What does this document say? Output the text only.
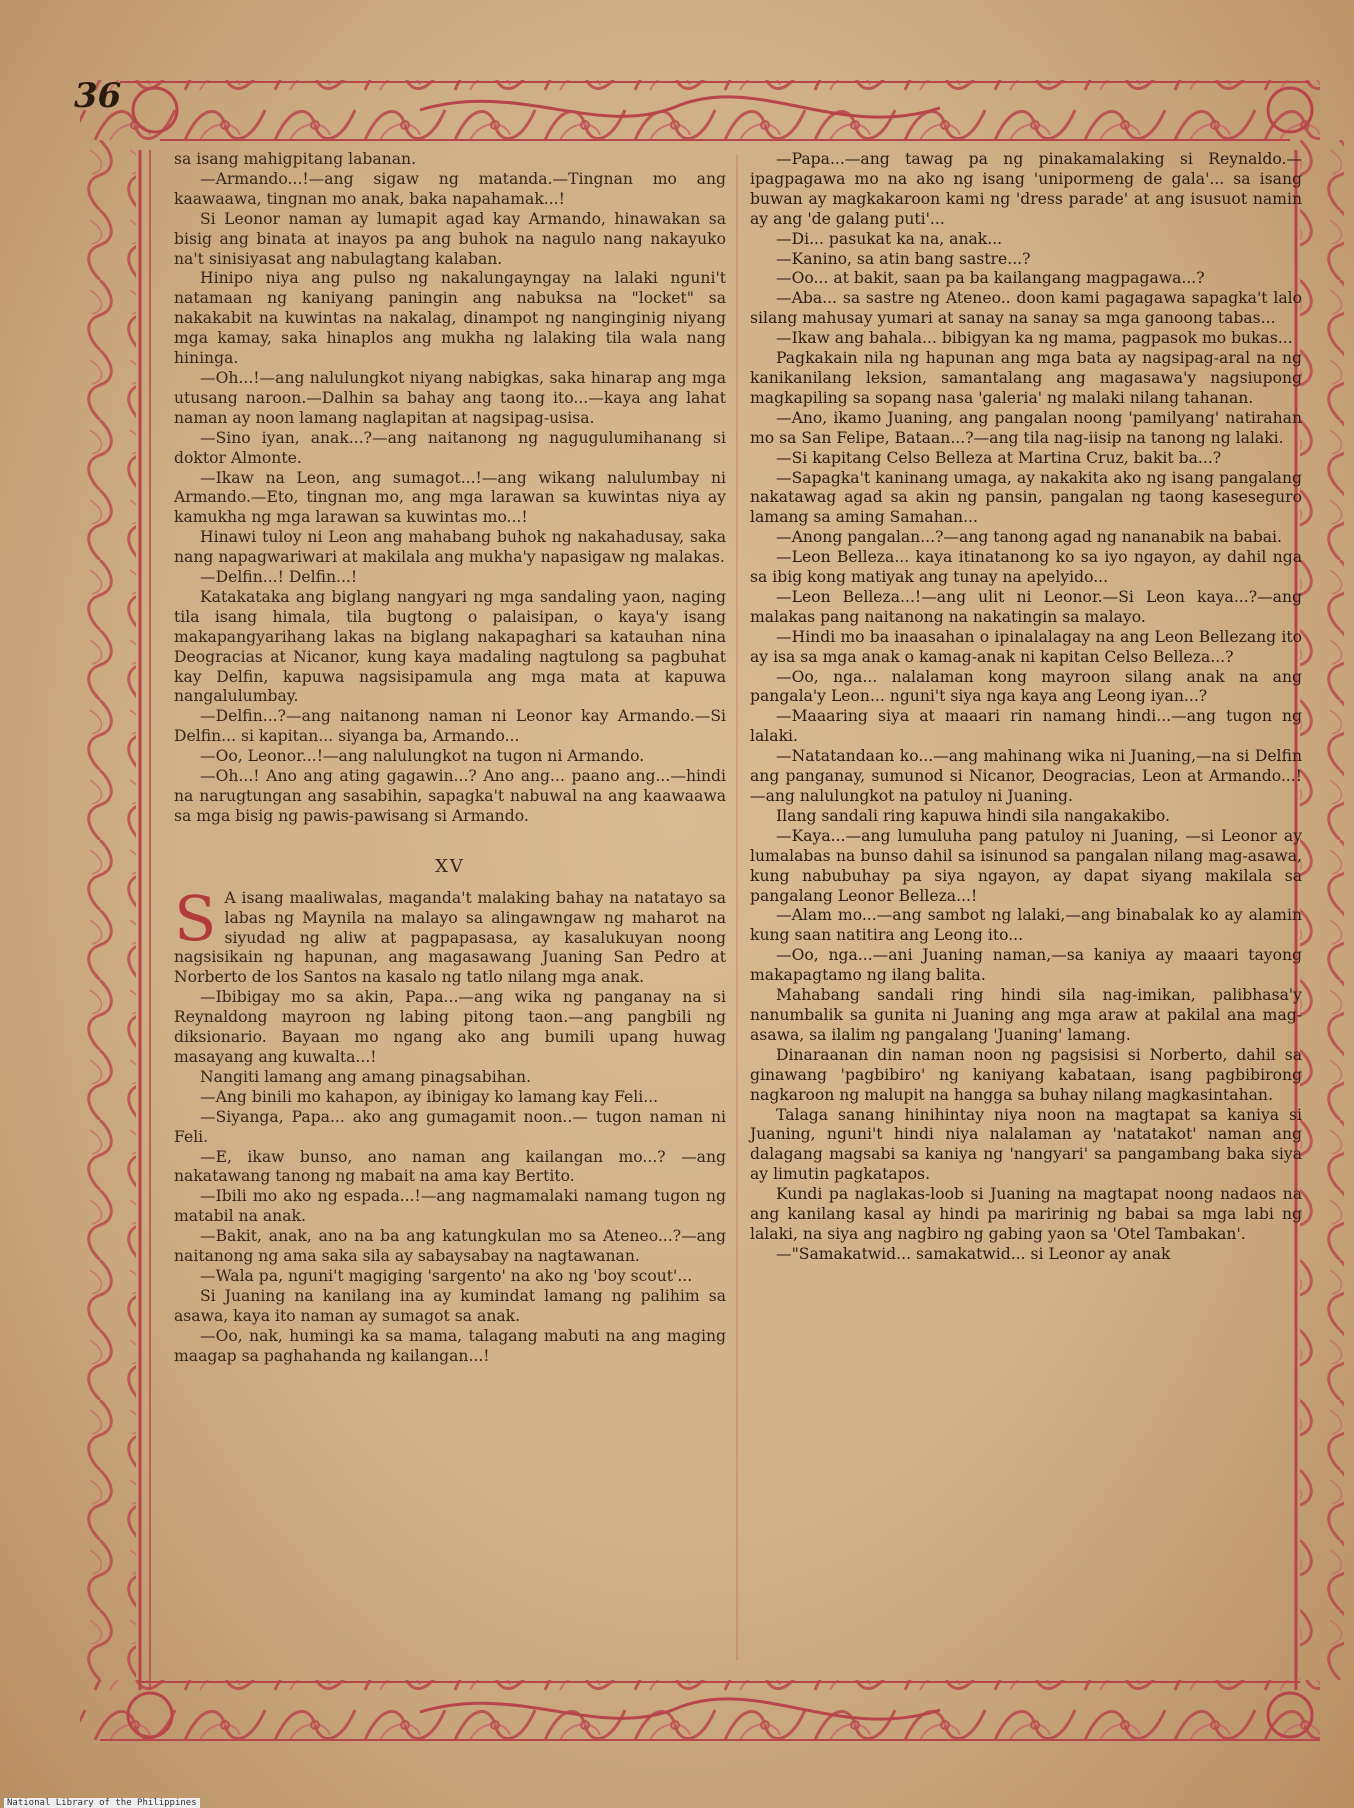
36

sa isang mahigpitang labanan.

—Armando...!—ang sigaw ng matanda.—Tingnan mo ang kaawaawa, tingnan mo anak, baka napahamak...!

Si Leonor naman ay lumapit agad kay Armando, hinawakan sa bisig ang binata at inayos pa ang buhok na nagulo nang nakayuko na't sinisiyasat ang nabulagtang kalaban.

Hinipo niya ang pulso ng nakalungayngay na lalaki nguni't natamaan ng kaniyang paningin ang nabuksa na "locket" sa nakakabit na kuwintas na nakalag, dinampot ng nanginginig niyang mga kamay, saka hinaplos ang mukha ng lalaking tila wala nang hininga.

—Oh...!—ang nalulungkot niyang nabigkas, saka hinarap ang mga utusang naroon.—Dalhin sa bahay ang taong ito...—kaya ang lahat naman ay noon lamang naglapitan at nagsipag-usisa.

—Sino iyan, anak...?—ang naitanong ng nagugulumihanang si doktor Almonte.

—Ikaw na Leon, ang sumagot...!—ang wikang nalulumbay ni Armando.—Eto, tingnan mo, ang mga larawan sa kuwintas niya ay kamukha ng mga larawan sa kuwintas mo...!

Hinawi tuloy ni Leon ang mahabang buhok ng nakahadusay, saka nang napagwariwari at makilala ang mukha'y napasigaw ng malakas.

—Delfin...! Delfin...!

Katakataka ang biglang nangyari ng mga sandaling yaon, naging tila isang himala, tila bugtong o palaisipan, o kaya'y isang makapangyarihang lakas na biglang nakapaghari sa katauhan nina Deogracias at Nicanor, kung kaya madaling nagtulong sa pagbuhat kay Delfin, kapuwa nagsisipamula ang mga mata at kapuwa nangalulumbay.

—Delfin...?—ang naitanong naman ni Leonor kay Armando.—Si Delfin... si kapitan... siyanga ba, Armando...

—Oo, Leonor...!—ang nalulungkot na tugon ni Armando.

—Oh...! Ano ang ating gagawin...? Ano ang... paano ang...—hindi na narugtungan ang sasabihin, sapagka't nabuwal na ang kaawaawa sa mga bisig ng pawis-pawisang si Armando.

XV

S A isang maaliwalas, maganda't malaking bahay na natatayo sa labas ng Maynila na malayo sa alingawngaw ng maharot na siyudad ng aliw at pagpapasasa, ay kasalukuyan noong nagsisikain ng hapunan, ang magasawang Juaning San Pedro at Norberto de los Santos na kasalo ng tatlo nilang mga anak.

—Ibibigay mo sa akin, Papa...—ang wika ng panganay na si Reynaldong mayroon ng labing pitong taon.—ang pangbili ng diksionario. Bayaan mo ngang ako ang bumili upang huwag masayang ang kuwalta...!

Nangiti lamang ang amang pinagsabihan.

—Ang binili mo kahapon, ay ibinigay ko lamang kay Feli...

—Siyanga, Papa... ako ang gumagamit noon..— tugon naman ni Feli.

—E, ikaw bunso, ano naman ang kailangan mo...? —ang nakatawang tanong ng mabait na ama kay Bertito.

—Ibili mo ako ng espada...!—ang nagmamalaki namang tugon ng matabil na anak.

—Bakit, anak, ano na ba ang katungkulan mo sa Ateneo...?—ang naitanong ng ama saka sila ay sabaysabay na nagtawanan.

—Wala pa, nguni't magiging 'sargento' na ako ng 'boy scout'...

Si Juaning na kanilang ina ay kumindat lamang ng palihim sa asawa, kaya ito naman ay sumagot sa anak.

—Oo, nak, humingi ka sa mama, talagang mabuti na ang maging maagap sa paghahanda ng kailangan...!

—Papa...—ang tawag pa ng pinakamalaking si Reynaldo.—ipagpagawa mo na ako ng isang 'unipormeng de gala'... sa isang buwan ay magkakaroon kami ng 'dress parade' at ang isusuot namin ay ang 'de galang puti'...

—Di... pasukat ka na, anak...

—Kanino, sa atin bang sastre...?

—Oo... at bakit, saan pa ba kailangang magpagawa...?

—Aba... sa sastre ng Ateneo.. doon kami pagagawa sapagka't lalo silang mahusay yumari at sanay na sanay sa mga ganoong tabas...

—Ikaw ang bahala... bibigyan ka ng mama, pagpasok mo bukas...

Pagkakain nila ng hapunan ang mga bata ay nagsipag-aral na ng kanikanilang leksion, samantalang ang magasawa'y nagsiupong magkapiling sa sopang nasa 'galeria' ng malaki nilang tahanan.

—Ano, ikamo Juaning, ang pangalan noong 'pamilyang' natirahan mo sa San Felipe, Bataan...?—ang tila nag-iisip na tanong ng lalaki.

—Si kapitang Celso Belleza at Martina Cruz, bakit ba...?

—Sapagka't kaninang umaga, ay nakakita ako ng isang pangalang nakatawag agad sa akin ng pansin, pangalan ng taong kaseseguro lamang sa aming Samahan...

—Anong pangalan...?—ang tanong agad ng nananabik na babai.

—Leon Belleza... kaya itinatanong ko sa iyo ngayon, ay dahil nga sa ibig kong matiyak ang tunay na apelyido...

—Leon Belleza...!—ang ulit ni Leonor.—Si Leon kaya...?—ang malakas pang naitanong na nakatingin sa malayo.

—Hindi mo ba inaasahan o ipinalalagay na ang Leon Bellezang ito ay isa sa mga anak o kamag-anak ni kapitan Celso Belleza...?

—Oo, nga... nalalaman kong mayroon silang anak na ang pangala'y Leon... nguni't siya nga kaya ang Leong iyan...?

—Maaaring siya at maaari rin namang hindi...—ang tugon ng lalaki.

—Natatandaan ko...—ang mahinang wika ni Juaning,—na si Delfin ang panganay, sumunod si Nicanor, Deogracias, Leon at Armando...!—ang nalulungkot na patuloy ni Juaning.

Ilang sandali ring kapuwa hindi sila nangakakibo.

—Kaya...—ang lumuluha pang patuloy ni Juaning, —si Leonor ay lumalabas na bunso dahil sa isinunod sa pangalan nilang mag-asawa, kung nabubuhay pa siya ngayon, ay dapat siyang makilala sa pangalang Leonor Belleza...!

—Alam mo...—ang sambot ng lalaki,—ang binabalak ko ay alamin kung saan natitira ang Leong ito...

—Oo, nga...—ani Juaning naman,—sa kaniya ay maaari tayong makapagtamo ng ilang balita.

Mahabang sandali ring hindi sila nag-imikan, palibhasa'y nanumbalik sa gunita ni Juaning ang mga araw at pakilal ana mag-asawa, sa ilalim ng pangalang 'Juaning' lamang.

Dinaraanan din naman noon ng pagsisisi si Norberto, dahil sa ginawang 'pagbibiro' ng kaniyang kabataan, isang pagbibirong nagkaroon ng malupit na hangga sa buhay nilang magkasintahan.

Talaga sanang hinihintay niya noon na magtapat sa kaniya si Juaning, nguni't hindi niya nalalaman ay 'natatakot' naman ang dalagang magsabi sa kaniya ng 'nangyari' sa pangambang baka siya ay limutin pagkatapos.

Kundi pa naglakas-loob si Juaning na magtapat noong nadaos na ang kanilang kasal ay hindi pa maririnig ng babai sa mga labi ng lalaki, na siya ang nagbiro ng gabing yaon sa 'Otel Tambakan'.

—"Samakatwid... samakatwid... si Leonor ay anak

National Library of the Philippines
